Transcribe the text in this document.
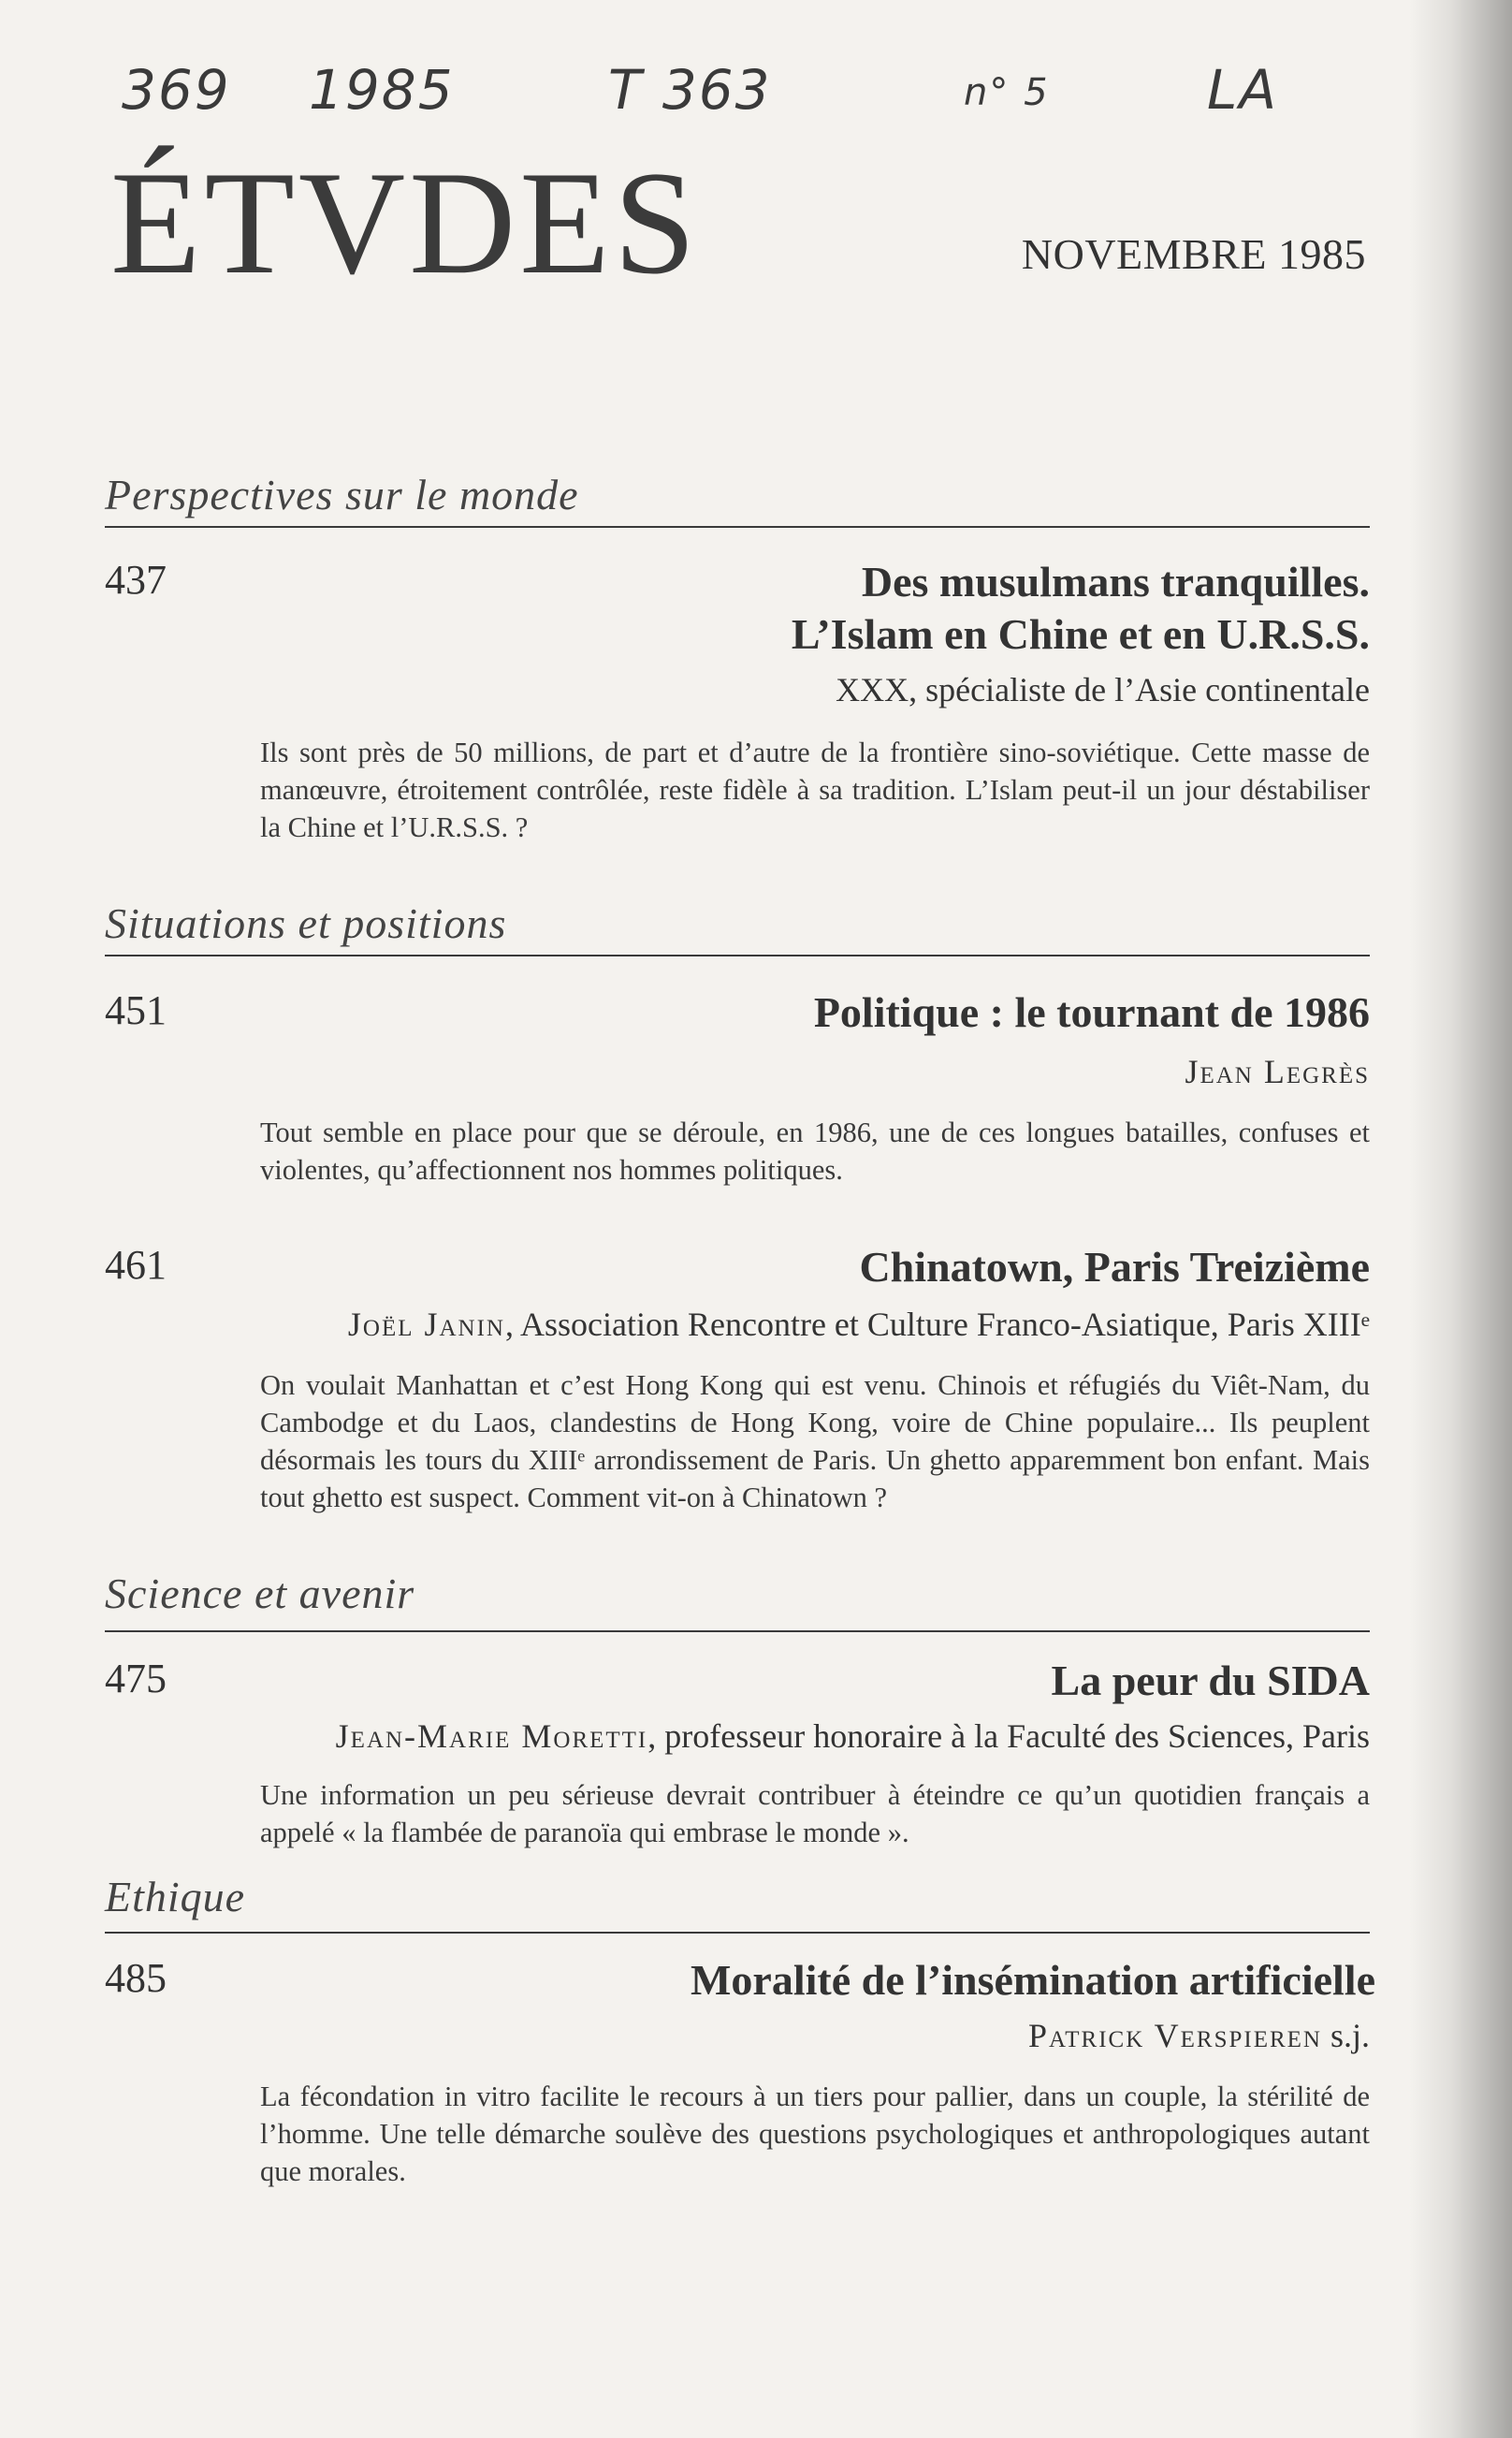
369 1985	T 363	n° 5	LA
ÉTVDES	NOVEMBRE 1985
Perspectives sur le monde
437	Des musulmans tranquilles.
L’Islam en Chine et en U.R.S.S.
XXX, spécialiste de l’Asie continentale
Ils sont près de 50 millions, de part et d’autre de la frontière sino-soviétique. Cette masse de manœuvre, étroitement contrôlée, reste fidèle à sa tradition. L’Islam peut-il un jour déstabiliser la Chine et l’U.R.S.S. ?
Situations et positions
451	Politique : le tournant de 1986
Jean Legrès
Tout semble en place pour que se déroule, en 1986, une de ces longues batailles, confuses et violentes, qu’affectionnent nos hommes politiques.
461	Chinatown, Paris Treizième
Joël Janin, Association Rencontre et Culture Franco-Asiatique, Paris XIIIᵉ
On voulait Manhattan et c’est Hong Kong qui est venu. Chinois et réfugiés du Viêt-Nam, du Cambodge et du Laos, clandestins de Hong Kong, voire de Chine populaire... Ils peuplent désormais les tours du XIIIᵉ arrondissement de Paris. Un ghetto apparemment bon enfant. Mais tout ghetto est suspect. Comment vit-on à Chinatown ?
Science et avenir
475	La peur du SIDA
Jean-Marie Moretti, professeur honoraire à la Faculté des Sciences, Paris
Une information un peu sérieuse devrait contribuer à éteindre ce qu’un quotidien français a appelé « la flambée de paranoïa qui embrase le monde ».
Ethique
485	Moralité de l’insémination artificielle
Patrick Verspieren s.j.
La fécondation in vitro facilite le recours à un tiers pour pallier, dans un couple, la stérilité de l’homme. Une telle démarche soulève des questions psychologiques et anthropologiques autant que morales.
